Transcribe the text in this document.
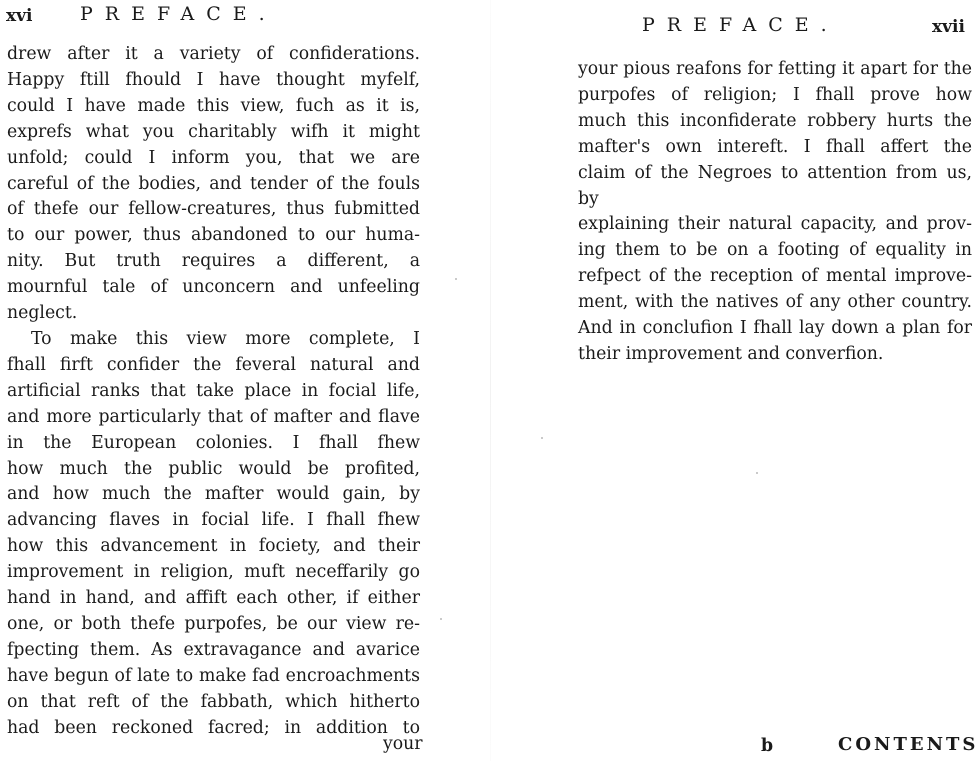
xvi	PREFACE.

drew after it a variety of confiderations.

Happy ftill fhould I have thought myfelf,

could I have made this view, fuch as it is,

exprefs what you charitably wifh it might

unfold; could I inform you, that we are

careful of the bodies, and tender of the fouls

of thefe our fellow-creatures, thus fubmitted

to our power, thus abandoned to our huma-

nity. But truth requires a different, a

mournful tale of unconcern and unfeeling

neglect.

To make this view more complete, I

fhall firft confider the feveral natural and

artificial ranks that take place in focial life,

and more particularly that of mafter and flave

in the European colonies. I fhall fhew

how much the public would be profited,

and how much the mafter would gain, by

advancing flaves in focial life. I fhall fhew

how this advancement in fociety, and their

improvement in religion, muft neceffarily go

hand in hand, and affift each other, if either

one, or both thefe purpofes, be our view re-

fpecting them. As extravagance and avarice

have begun of late to make fad encroachments

on that reft of the fabbath, which hitherto

had been reckoned facred; in addition to

your
PREFACE.	xvii

your pious reafons for fetting it apart for the

purpofes of religion; I fhall prove how

much this inconfiderate robbery hurts the

mafter's own intereft. I fhall affert the

claim of the Negroes to attention from us, by

explaining their natural capacity, and prov-

ing them to be on a footing of equality in

refpect of the reception of mental improve-

ment, with the natives of any other country.

And in conclufion I fhall lay down a plan for

their improvement and converfion.

b	CONTENTS
